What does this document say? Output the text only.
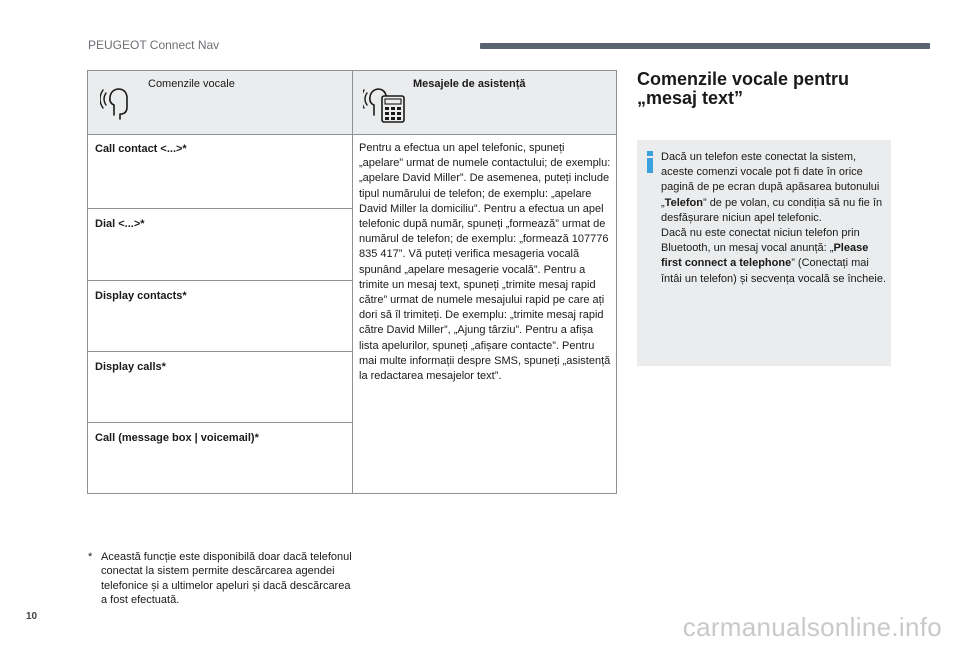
PEUGEOT Connect Nav
Comenzile vocale	Mesajele de asistență
Call contact <...>*
Dial <...>*
Display contacts*
Display calls*
Call (message box | voicemail)*
Pentru a efectua un apel telefonic, spuneți „apelare” urmat de numele contactului; de exemplu: „apelare David Miller”. De asemenea, puteți include tipul numărului de telefon; de exemplu: „apelare David Miller la domiciliu”. Pentru a efectua un apel telefonic după număr, spuneți „formează” urmat de numărul de telefon; de exemplu: „formează 107776 835 417”. Vă puteți verifica mesageria vocală spunând „apelare mesagerie vocală”. Pentru a trimite un mesaj text, spuneți „trimite mesaj rapid către” urmat de numele mesajului rapid pe care ați dori să îl trimiteți. De exemplu: „trimite mesaj rapid către David Miller”, „Ajung târziu”. Pentru a afișa lista apelurilor, spuneți „afișare contacte”. Pentru mai multe informații despre SMS, spuneți „asistență la redactarea mesajelor text”.
* Această funcție este disponibilă doar dacă telefonul conectat la sistem permite descărcarea agendei telefonice și a ultimelor apeluri și dacă descărcarea a fost efectuată.
Comenzile vocale pentru
„mesaj text”
Dacă un telefon este conectat la sistem, aceste comenzi vocale pot fi date în orice pagină de pe ecran după apăsarea butonului „Telefon” de pe volan, cu condiția să nu fie în desfășurare niciun apel telefonic.
Dacă nu este conectat niciun telefon prin Bluetooth, un mesaj vocal anunță: „Please first connect a telephone” (Conectați mai întâi un telefon) și secvența vocală se încheie.
10	carmanualsonline.info
